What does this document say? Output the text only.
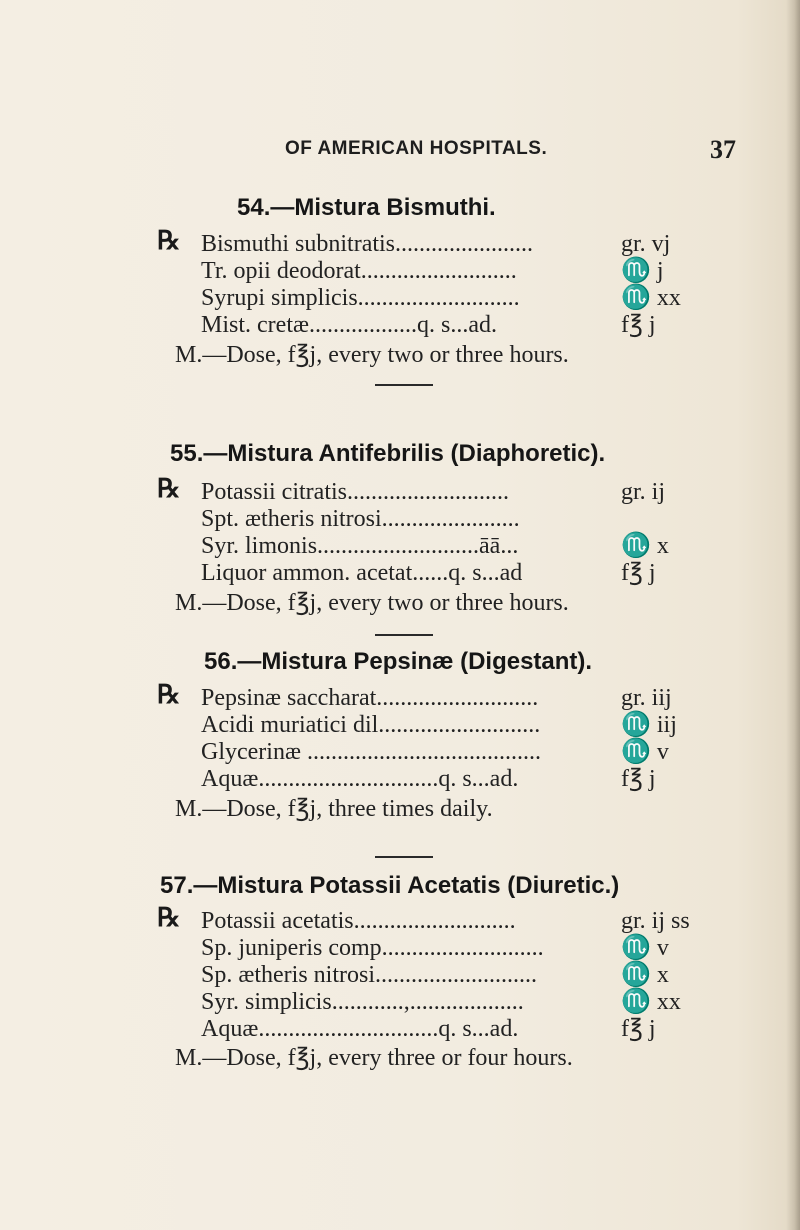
OF AMERICAN HOSPITALS.	37
54.—Mistura Bismuthi.
℞ Bismuthi subnitratis.......................	gr. vj
Tr. opii deodorat..........................	♏ j
Syrupi simplicis...........................	♏ xx
Mist. cretæ..................q. s...ad.	f℥ j
M.—Dose, f℥j, every two or three hours.
55.—Mistura Antifebrilis (Diaphoretic).
℞ Potassii citratis...........................	gr. ij
Spt. ætheris nitrosi.......................
Syr. limonis...........................āā...	♏ x
Liquor ammon. acetat......q. s...ad	f℥ j
M.—Dose, f℥j, every two or three hours.
56.—Mistura Pepsinæ (Digestant).
℞ Pepsinæ saccharat...........................	gr. iij
Acidi muriatici dil...........................	♏ iij
Glycerinæ .......................................	♏ v
Aquæ..............................q. s...ad.	f℥ j
M.—Dose, f℥j, three times daily.
57.—Mistura Potassii Acetatis (Diuretic.)
℞ Potassii acetatis...........................	gr. ij ss
Sp. juniperis comp...........................	♏ v
Sp. ætheris nitrosi...........................	♏ x
Syr. simplicis............,...................	♏ xx
Aquæ..............................q. s...ad.	f℥ j
M.—Dose, f℥j, every three or four hours.
